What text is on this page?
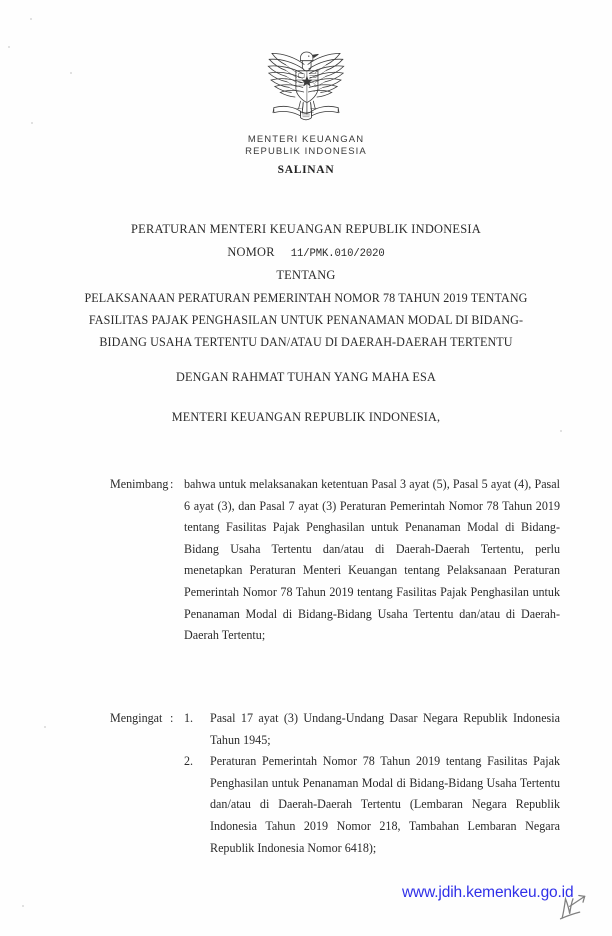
MENTERI KEUANGAN
REPUBLIK INDONESIA
SALINAN
PERATURAN MENTERI KEUANGAN REPUBLIK INDONESIA
NOMOR 11/PMK.010/2020
TENTANG
PELAKSANAAN PERATURAN PEMERINTAH NOMOR 78 TAHUN 2019 TENTANG
FASILITAS PAJAK PENGHASILAN UNTUK PENANAMAN MODAL DI BIDANG-
BIDANG USAHA TERTENTU DAN/ATAU DI DAERAH-DAERAH TERTENTU
DENGAN RAHMAT TUHAN YANG MAHA ESA
MENTERI KEUANGAN REPUBLIK INDONESIA,
Menimbang : bahwa untuk melaksanakan ketentuan Pasal 3 ayat (5), Pasal 5 ayat (4), Pasal 6 ayat (3), dan Pasal 7 ayat (3) Peraturan Pemerintah Nomor 78 Tahun 2019 tentang Fasilitas Pajak Penghasilan untuk Penanaman Modal di Bidang-Bidang Usaha Tertentu dan/atau di Daerah-Daerah Tertentu, perlu menetapkan Peraturan Menteri Keuangan tentang Pelaksanaan Peraturan Pemerintah Nomor 78 Tahun 2019 tentang Fasilitas Pajak Penghasilan untuk Penanaman Modal di Bidang-Bidang Usaha Tertentu dan/atau di Daerah-Daerah Tertentu;

Mengingat : 1.	Pasal 17 ayat (3) Undang-Undang Dasar Negara Republik Indonesia Tahun 1945;

2.	Peraturan Pemerintah Nomor 78 Tahun 2019 tentang Fasilitas Pajak Penghasilan untuk Penanaman Modal di Bidang-Bidang Usaha Tertentu dan/atau di Daerah-Daerah Tertentu (Lembaran Negara Republik Indonesia Tahun 2019 Nomor 218, Tambahan Lembaran Negara Republik Indonesia Nomor 6418);

www.jdih.kemenkeu.go.id
